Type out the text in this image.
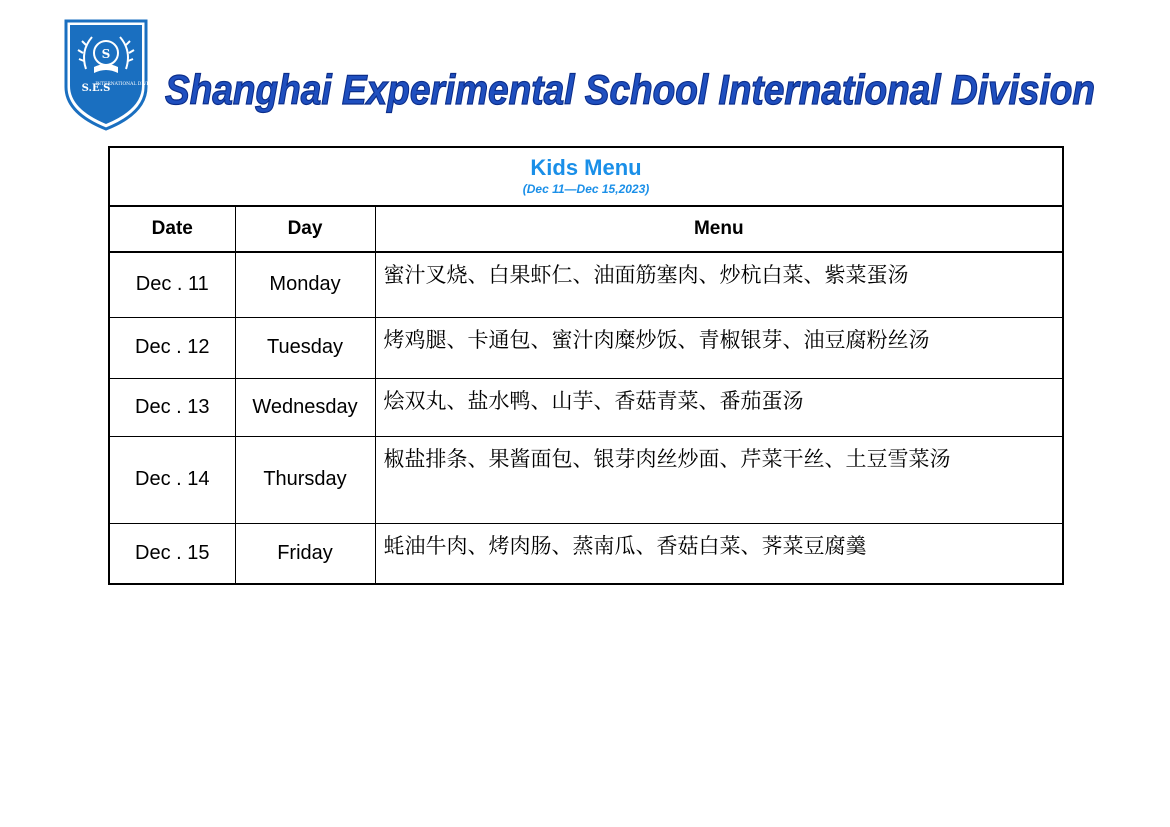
S
S.E.S
INTERNATIONAL DIVISION Shanghai Experimental School International Division
Kids Menu
(Dec 11—Dec 15,2023)		

Date	Day	Menu
Dec . 11	Monday	蜜汁叉烧、白果虾仁、油面筋塞肉、炒杭白菜、紫菜蛋汤
Dec . 12	Tuesday	烤鸡腿、卡通包、蜜汁肉糜炒饭、青椒银芽、油豆腐粉丝汤
Dec . 13	Wednesday	烩双丸、盐水鸭、山芋、香菇青菜、番茄蛋汤
Dec . 14	Thursday	椒盐排条、果酱面包、银芽肉丝炒面、芹菜干丝、土豆雪菜汤
Dec . 15	Friday	蚝油牛肉、烤肉肠、蒸南瓜、香菇白菜、荠菜豆腐羹
